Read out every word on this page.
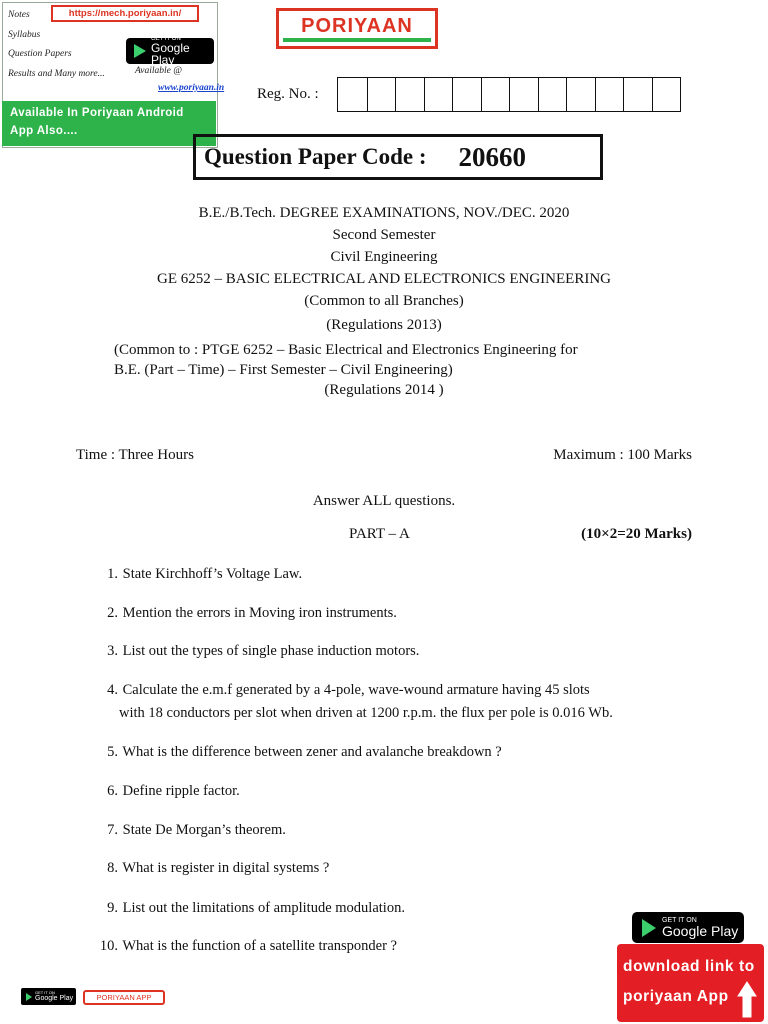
Notes
Syllabus
Question Papers
Results and Many more...
https://mech.poriyaan.in/
GET IT ON
Google Play
Available @
www.poriyaan.in
Available In Poriyaan Android App Also....
PORIYAAN
Reg. No. :
Question Paper Code : 20660
B.E./B.Tech. DEGREE EXAMINATIONS, NOV./DEC. 2020
Second Semester
Civil Engineering
GE 6252 – BASIC ELECTRICAL AND ELECTRONICS ENGINEERING
(Common to all Branches)
(Regulations 2013)
(Common to : PTGE 6252 – Basic Electrical and Electronics Engineering for
B.E. (Part – Time) – First Semester – Civil Engineering)
(Regulations 2014 )
Time : Three Hours	Maximum : 100 Marks
Answer ALL questions.
PART – A	(10×2=20 Marks)
1. State Kirchhoff’s Voltage Law.
2. Mention the errors in Moving iron instruments.
3. List out the types of single phase induction motors.
4. Calculate the e.m.f generated by a 4-pole, wave-wound armature having 45 slots
with 18 conductors per slot when driven at 1200 r.p.m. the flux per pole is 0.016 Wb.
5. What is the difference between zener and avalanche breakdown ?
6. Define ripple factor.
7. State De Morgan’s theorem.
8. What is register in digital systems ?
9. List out the limitations of amplitude modulation.
10. What is the function of a satellite transponder ?
GET IT ON
Google Play	PORIYAAN APP
GET IT ON
Google Play
download link to
poriyaan App
